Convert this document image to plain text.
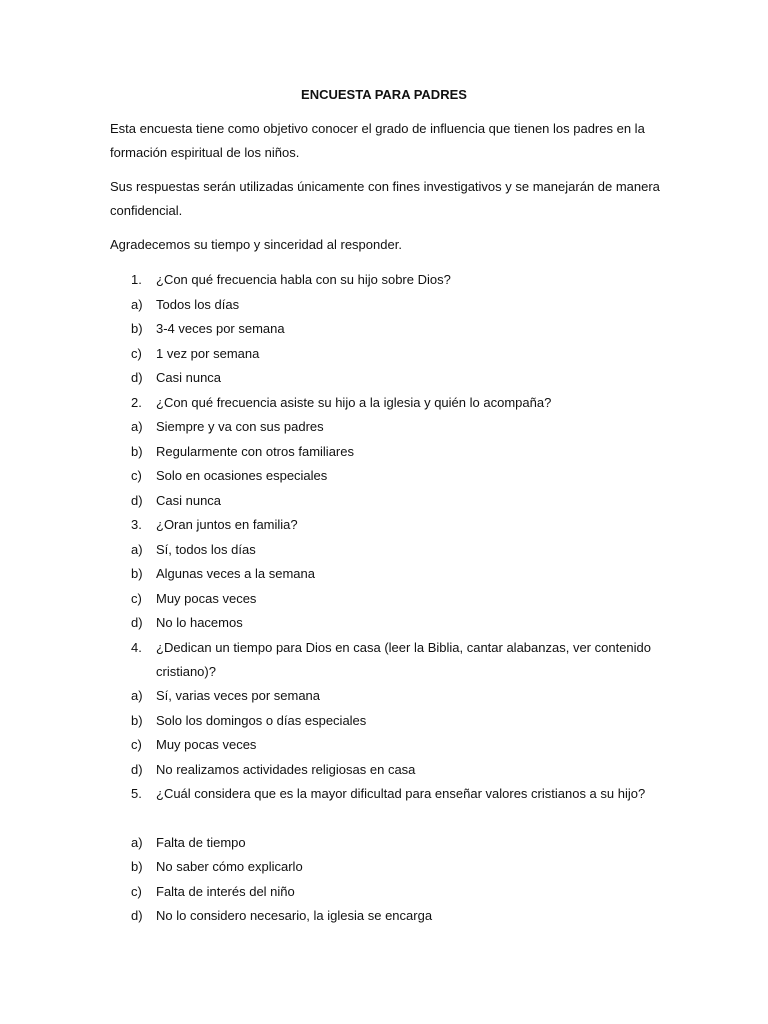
ENCUESTA PARA PADRES

Esta encuesta tiene como objetivo conocer el grado de influencia que tienen los padres en la formación espiritual de los niños.

Sus respuestas serán utilizadas únicamente con fines investigativos y se manejarán de manera confidencial.

Agradecemos su tiempo y sinceridad al responder.

1. ¿Con qué frecuencia habla con su hijo sobre Dios?
a) Todos los días
b) 3-4 veces por semana
c) 1 vez por semana
d) Casi nunca
2. ¿Con qué frecuencia asiste su hijo a la iglesia y quién lo acompaña?
a) Siempre y va con sus padres
b) Regularmente con otros familiares
c) Solo en ocasiones especiales
d) Casi nunca
3. ¿Oran juntos en familia?
a) Sí, todos los días
b) Algunas veces a la semana
c) Muy pocas veces
d) No lo hacemos
4. ¿Dedican un tiempo para Dios en casa (leer la Biblia, cantar alabanzas, ver contenido cristiano)?
a) Sí, varias veces por semana
b) Solo los domingos o días especiales
c) Muy pocas veces
d) No realizamos actividades religiosas en casa
5. ¿Cuál considera que es la mayor dificultad para enseñar valores cristianos a su hijo?
a) Falta de tiempo
b) No saber cómo explicarlo
c) Falta de interés del niño
d) No lo considero necesario, la iglesia se encarga
